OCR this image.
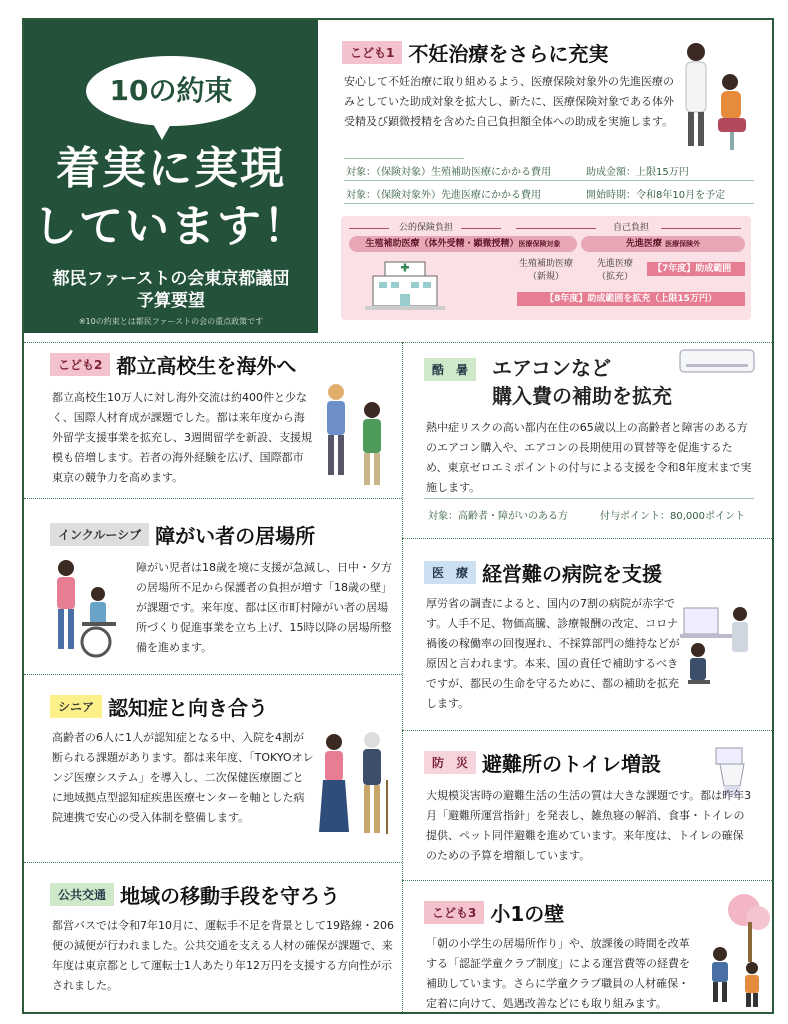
10の約束
着実に実現
しています！
都民ファーストの会東京都議団
予算要望
※10の約束とは都民ファーストの会の重点政策です
こども1 不妊治療をさらに充実
安心して不妊治療に取り組めるよう、医療保険対象外の先進医療のみとしていた助成対象を拡大し、新たに、医療保険対象である体外受精及び顕微授精を含めた自己負担額全体への助成を実施します。
対象：（保険対象）生殖補助医療にかかる費用	助成金額：上限15万円
対象：（保険対象外）先進医療にかかる費用	開始時期：令和8年10月を予定
公的保険負担	自己負担
生殖補助医療（体外受精・顕微授精）医療保険対象	先進医療 医療保険外
生殖補助医療
（新規）
先進医療
（拡充）
【7年度】助成範囲
【8年度】助成範囲を拡充（上限15万円）
こども2 都立高校生を海外へ
都立高校生10万人に対し海外交流は約400件と少なく、国際人材育成が課題でした。都は来年度から海外留学支援事業を拡充し、3週間留学を新設、支援規模も倍増します。若者の海外経験を広げ、国際都市東京の競争力を高めます。
インクルーシブ 障がい者の居場所
障がい児者は18歳を境に支援が急減し、日中・夕方の居場所不足から保護者の負担が増す「18歳の壁」が課題です。来年度、都は区市町村障がい者の居場所づくり促進事業を立ち上げ、15時以降の居場所整備を進めます。
シニア 認知症と向き合う
高齢者の6人に1人が認知症となる中、入院を4割が断られる課題があります。都は来年度、「TOKYOオレンジ医療システム」を導入し、二次保健医療圏ごとに地域拠点型認知症疾患医療センターを軸とした病院連携で安心の受入体制を整備します。
公共交通 地域の移動手段を守ろう
都営バスでは令和7年10月に、運転手不足を背景として19路線・206便の減便が行われました。公共交通を支える人材の確保が課題で、来年度は東京都として運転士1人あたり年12万円を支援する方向性が示されました。
酷　暑 エアコンなど
購入費の補助を拡充
熱中症リスクの高い都内在住の65歳以上の高齢者と障害のある方のエアコン購入や、エアコンの長期使用の買替等を促進するため、東京ゼロエミポイントの付与による支援を令和8年度末まで実施します。
対象：高齢者・障がいのある方	付与ポイント：80,000ポイント
医　療 経営難の病院を支援
厚労省の調査によると、国内の7割の病院が赤字です。人手不足、物価高騰、診療報酬の改定、コロナ禍後の稼働率の回復遅れ、不採算部門の維持などが原因と言われます。本来、国の責任で補助するべきですが、都民の生命を守るために、都の補助を拡充します。
防　災 避難所のトイレ増設
大規模災害時の避難生活の生活の質は大きな課題です。都は昨年3月「避難所運営指針」を発表し、雑魚寝の解消、食事・トイレの提供、ペット同伴避難を進めています。来年度は、トイレの確保のための予算を増額しています。
こども3 小1の壁
「朝の小学生の居場所作り」や、放課後の時間を改革する「認証学童クラブ制度」による運営費等の経費を補助しています。さらに学童クラブ職員の人材確保・定着に向けて、処遇改善などにも取り組みます。
